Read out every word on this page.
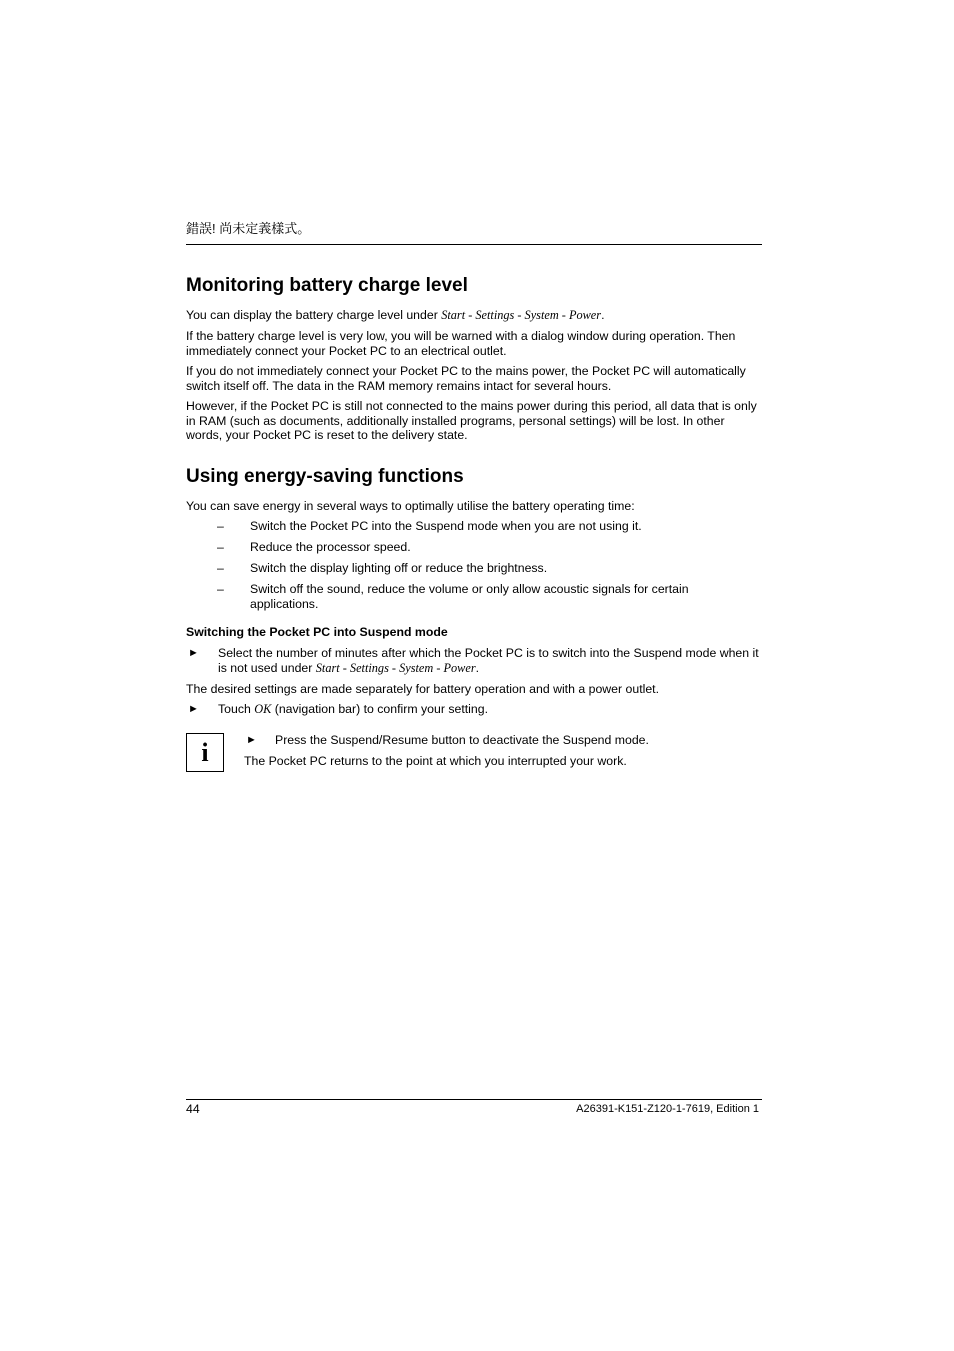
錯誤! 尚未定義樣式。
Monitoring battery charge level

You can display the battery charge level under Start - Settings - System - Power.

If the battery charge level is very low, you will be warned with a dialog window during operation. Then immediately connect your Pocket PC to an electrical outlet.

If you do not immediately connect your Pocket PC to the mains power, the Pocket PC will automatically switch itself off. The data in the RAM memory remains intact for several hours.

However, if the Pocket PC is still not connected to the mains power during this period, all data that is only in RAM (such as documents, additionally installed programs, personal settings) will be lost. In other words, your Pocket PC is reset to the delivery state.

Using energy-saving functions

You can save energy in several ways to optimally utilise the battery operating time:

– Switch the Pocket PC into the Suspend mode when you are not using it.
– Reduce the processor speed.
– Switch the display lighting off or reduce the brightness.
– Switch off the sound, reduce the volume or only allow acoustic signals for certain applications.
Switching the Pocket PC into Suspend mode
► Select the number of minutes after which the Pocket PC is to switch into the Suspend mode when it is not used under Start - Settings - System - Power.

The desired settings are made separately for battery operation and with a power outlet.

► Touch OK (navigation bar) to confirm your setting.

i	► Press the Suspend/Resume button to deactivate the Suspend mode.

The Pocket PC returns to the point at which you interrupted your work.

44	A26391-K151-Z120-1-7619, Edition 1
